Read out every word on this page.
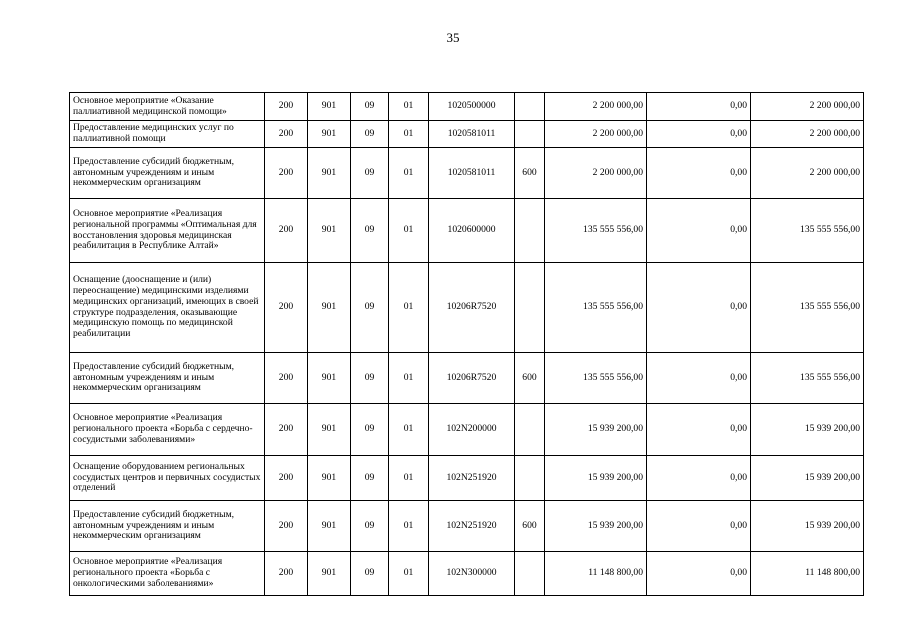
35
Основное мероприятие «Оказание паллиативной медицинской помощи»	200	901	09	01	1020500000		2 200 000,00	0,00	2 200 000,00
Предоставление медицинских услуг по паллиативной помощи	200	901	09	01	1020581011		2 200 000,00	0,00	2 200 000,00
Предоставление субсидий бюджетным, автономным учреждениям и иным некоммерческим организациям	200	901	09	01	1020581011	600	2 200 000,00	0,00	2 200 000,00
Основное мероприятие «Реализация региональной программы «Оптимальная для восстановления здоровья медицинская реабилитация в Республике Алтай»	200	901	09	01	1020600000		135 555 556,00	0,00	135 555 556,00
Оснащение (дооснащение и (или) переоснащение) медицинскими изделиями медицинских организаций, имеющих в своей структуре подразделения, оказывающие медицинскую помощь по медицинской реабилитации	200	901	09	01	10206R7520		135 555 556,00	0,00	135 555 556,00
Предоставление субсидий бюджетным, автономным учреждениям и иным некоммерческим организациям	200	901	09	01	10206R7520	600	135 555 556,00	0,00	135 555 556,00
Основное мероприятие «Реализация регионального проекта «Борьба с сердечно-сосудистыми заболеваниями»	200	901	09	01	102N200000		15 939 200,00	0,00	15 939 200,00
Оснащение оборудованием региональных сосудистых центров и первичных сосудистых отделений	200	901	09	01	102N251920		15 939 200,00	0,00	15 939 200,00
Предоставление субсидий бюджетным, автономным учреждениям и иным некоммерческим организациям	200	901	09	01	102N251920	600	15 939 200,00	0,00	15 939 200,00
Основное мероприятие «Реализация регионального проекта «Борьба с онкологическими заболеваниями»	200	901	09	01	102N300000		11 148 800,00	0,00	11 148 800,00
